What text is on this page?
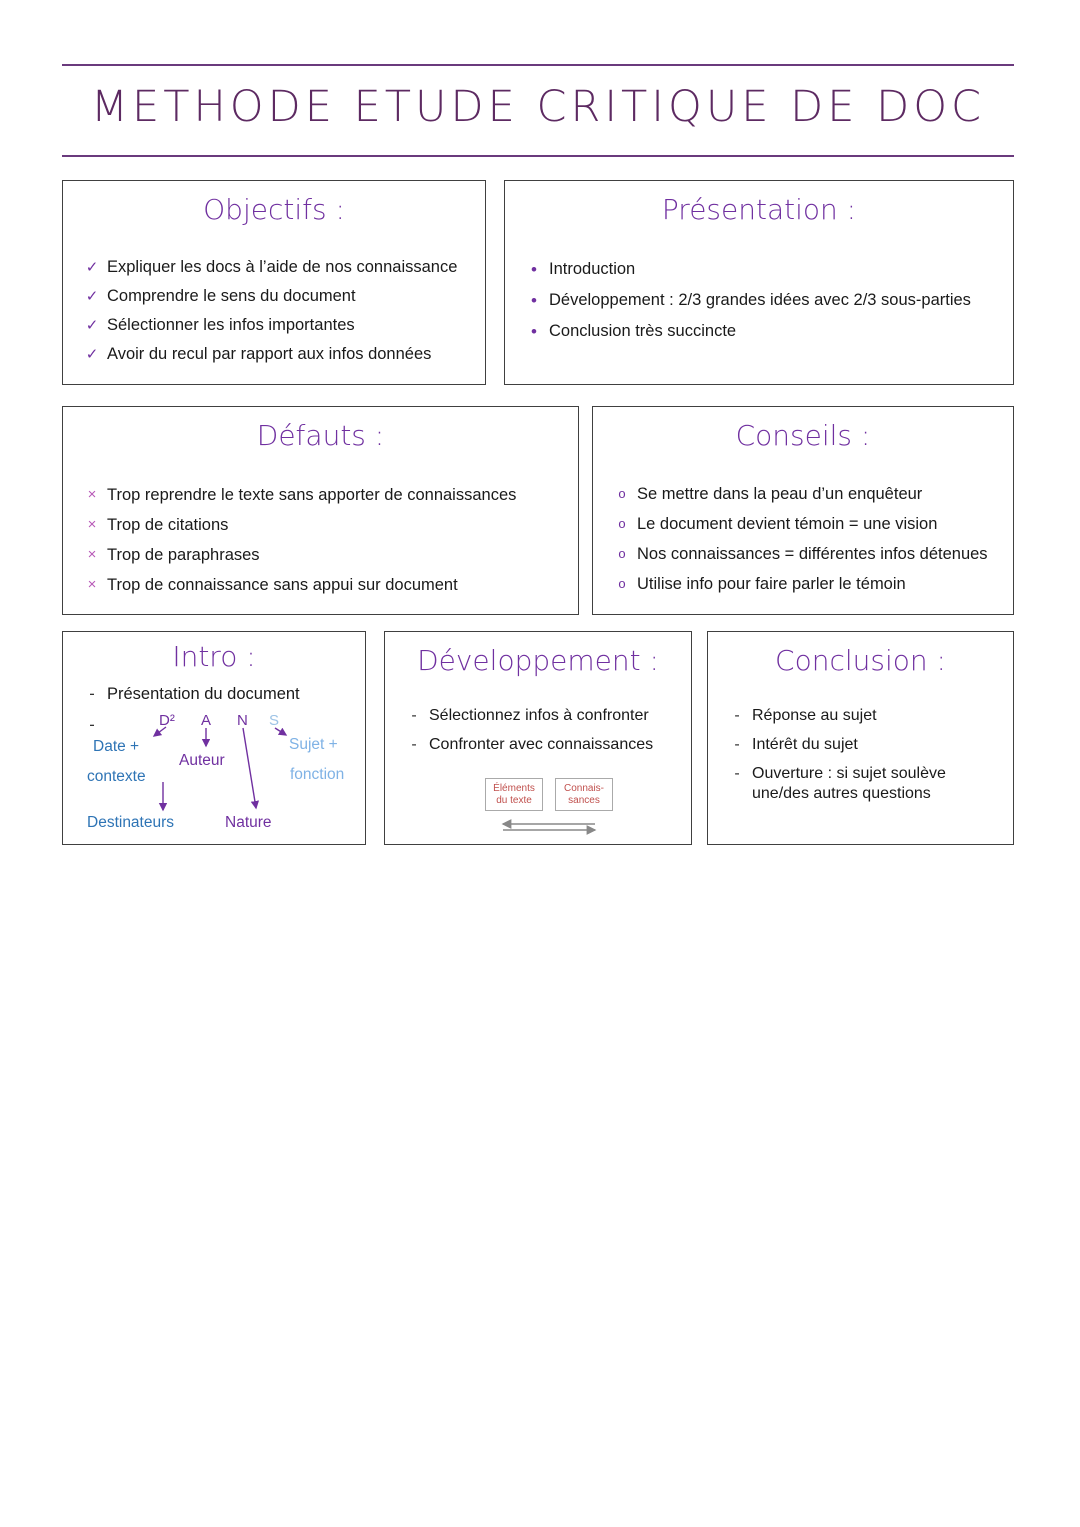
METHODE ETUDE CRITIQUE DE DOC
Objectifs :
✓ Expliquer les docs à l’aide de nos connaissance
✓ Comprendre le sens du document
✓ Sélectionner les infos importantes
✓ Avoir du recul par rapport aux infos données
Présentation :
• Introduction
• Développement : 2/3 grandes idées avec 2/3 sous-parties
• Conclusion très succincte
Défauts :
× Trop reprendre le texte sans apporter de connaissances
× Trop de citations
× Trop de paraphrases
× Trop de connaissance sans appui sur document
Conseils :
o Se mettre dans la peau d’un enquêteur
o Le document devient témoin = une vision
o Nos connaissances = différentes infos détenues
o Utilise info pour faire parler le témoin
Intro :
- Présentation du document
-	D² A N S
Date +
contexte
Auteur
Sujet +
fonction
Destinateurs	Nature
Développement :
- Sélectionnez infos à confronter
- Confronter avec connaissances
Éléments du texte
Connais- sances
Conclusion :
- Réponse au sujet
- Intérêt du sujet
- Ouverture : si sujet soulève une/des autres questions
